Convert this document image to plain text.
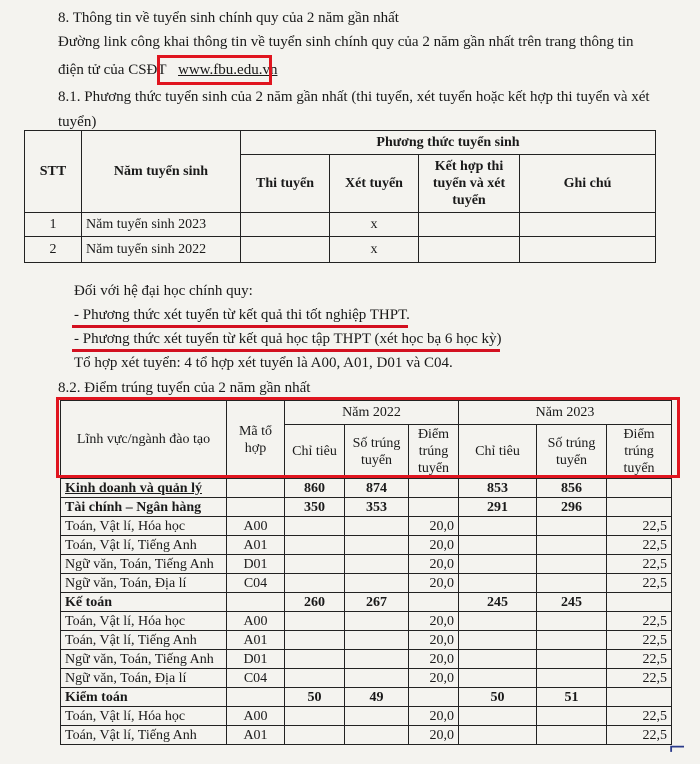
8. Thông tin về tuyển sinh chính quy của 2 năm gần nhất
Đường link công khai thông tin về tuyển sinh chính quy của 2 năm gần nhất trên trang thông tin
điện tử của CSĐT www.fbu.edu.vn
8.1. Phương thức tuyển sinh của 2 năm gần nhất (thi tuyển, xét tuyển hoặc kết hợp thi tuyển và xét
tuyển)
STT	Năm tuyển sinh	Phương thức tuyển sinh			
		Thi tuyển	Xét tuyển	Kết hợp thi tuyển và xét tuyển	Ghi chú
1	Năm tuyển sinh 2023		x		
2	Năm tuyển sinh 2022		x		
Đối với hệ đại học chính quy:
- Phương thức xét tuyển từ kết quả thi tốt nghiệp THPT.
- Phương thức xét tuyển từ kết quả học tập THPT (xét học bạ 6 học kỳ)
Tổ hợp xét tuyển: 4 tổ hợp xét tuyển là A00, A01, D01 và C04.
8.2. Điểm trúng tuyển của 2 năm gần nhất
Lĩnh vực/ngành đào tạo	Mã tổ hợp	Năm 2022			Năm 2023		
		Chỉ tiêu	Số trúng tuyển	Điểm trúng tuyển	Chỉ tiêu	Số trúng tuyển	Điểm trúng tuyển
Kinh doanh và quản lý		860	874		853	856	
Tài chính – Ngân hàng		350	353		291	296	
Toán, Vật lí, Hóa học	A00			20,0			22,5
Toán, Vật lí, Tiếng Anh	A01			20,0			22,5
Ngữ văn, Toán, Tiếng Anh	D01			20,0			22,5
Ngữ văn, Toán, Địa lí	C04			20,0			22,5
Kế toán		260	267		245	245	
Toán, Vật lí, Hóa học	A00			20,0			22,5
Toán, Vật lí, Tiếng Anh	A01			20,0			22,5
Ngữ văn, Toán, Tiếng Anh	D01			20,0			22,5
Ngữ văn, Toán, Địa lí	C04			20,0			22,5
Kiểm toán		50	49		50	51	
Toán, Vật lí, Hóa học	A00			20,0			22,5
Toán, Vật lí, Tiếng Anh	A01			20,0			22,5
⌐
